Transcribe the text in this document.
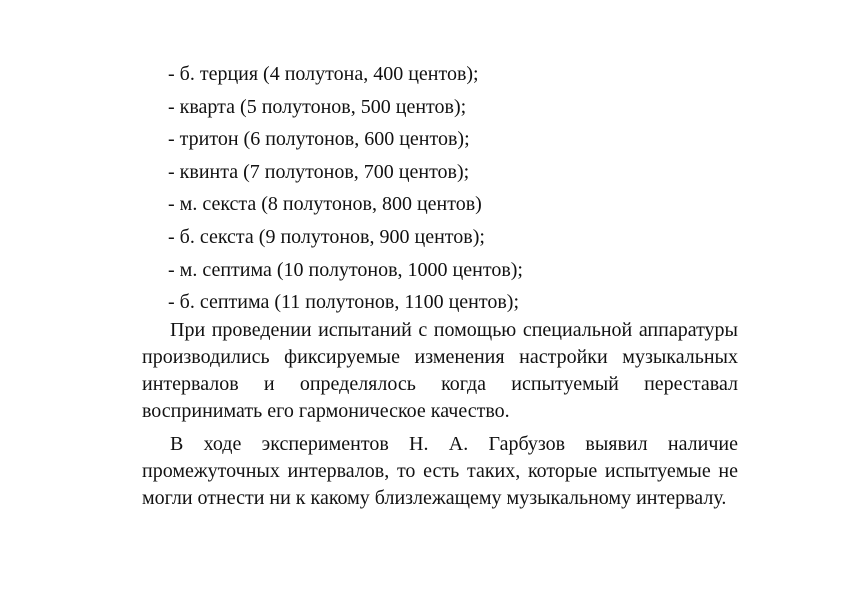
- б. терция (4 полутона, 400 центов);
- кварта (5 полутонов, 500 центов);
- тритон (6 полутонов, 600 центов);
- квинта (7 полутонов, 700 центов);
- м. секста (8 полутонов, 800 центов)
- б. секста (9 полутонов, 900 центов);
- м. септима (10 полутонов, 1000 центов);
- б. септима (11 полутонов, 1100 центов);

При проведении испытаний с помощью специальной аппаратуры производились фиксируемые изменения настройки музыкальных интервалов и определялось когда испытуемый переставал воспринимать его гармоническое качество.

В ходе экспериментов Н. А. Гарбузов выявил наличие промежуточных интервалов, то есть таких, которые испытуемые не могли отнести ни к какому близлежащему музыкальному интервалу.
